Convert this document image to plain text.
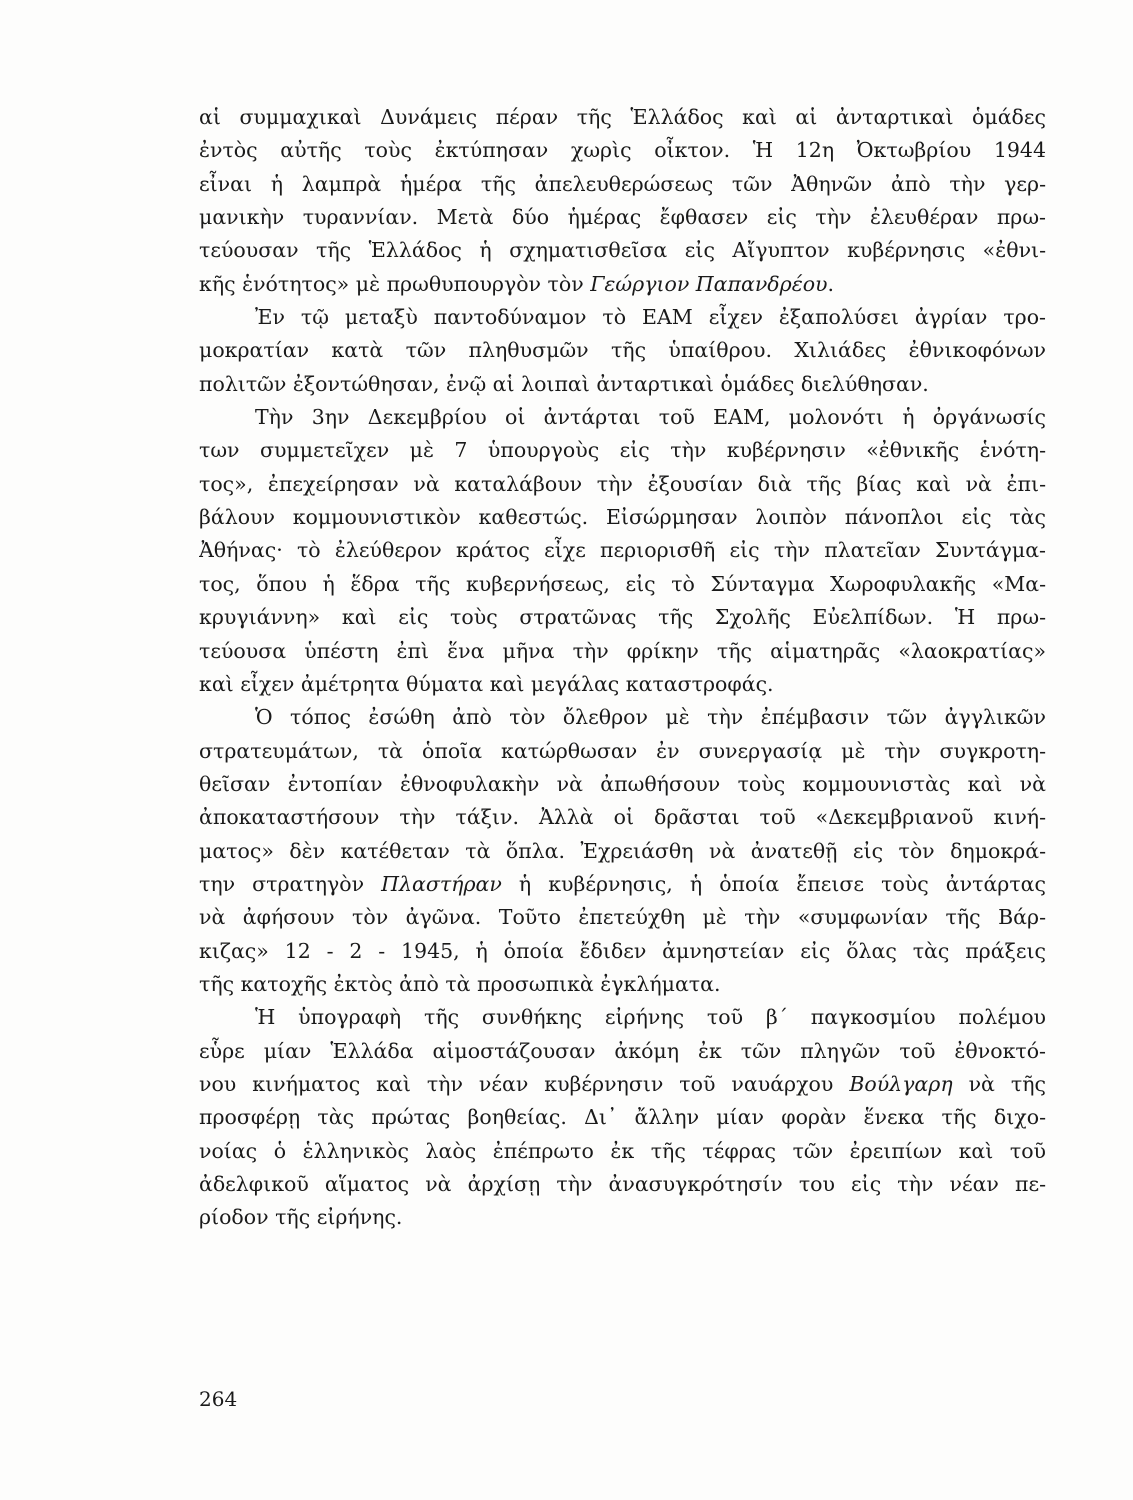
αἱ συμμαχικαὶ Δυνάμεις πέραν τῆς Ἑλλάδος καὶ αἱ ἀνταρτικαὶ ὁμάδες
ἐντὸς αὐτῆς τοὺς ἐκτύπησαν χωρὶς οἶκτον. Ἡ 12η Ὀκτωβρίου 1944
εἶναι ἡ λαμπρὰ ἡμέρα τῆς ἀπελευθερώσεως τῶν Ἀθηνῶν ἀπὸ τὴν γερ-
μανικὴν τυραννίαν. Μετὰ δύο ἡμέρας ἔφθασεν εἰς τὴν ἐλευθέραν πρω-
τεύουσαν τῆς Ἑλλάδος ἡ σχηματισθεῖσα εἰς Αἴγυπτον κυβέρνησις «ἐθνι-
κῆς ἑνότητος» μὲ πρωθυπουργὸν τὸν Γεώργιον Παπανδρέου.
Ἐν τῷ μεταξὺ παντοδύναμον τὸ ΕΑΜ εἶχεν ἐξαπολύσει ἀγρίαν τρο-
μοκρατίαν κατὰ τῶν πληθυσμῶν τῆς ὑπαίθρου. Χιλιάδες ἐθνικοφόνων
πολιτῶν ἐξοντώθησαν, ἐνῷ αἱ λοιπαὶ ἀνταρτικαὶ ὁμάδες διελύθησαν.
Τὴν 3ην Δεκεμβρίου οἱ ἀντάρται τοῦ ΕΑΜ, μολονότι ἡ ὀργάνωσίς
των συμμετεῖχεν μὲ 7 ὑπουργοὺς εἰς τὴν κυβέρνησιν «ἐθνικῆς ἑνότη-
τος», ἐπεχείρησαν νὰ καταλάβουν τὴν ἐξουσίαν διὰ τῆς βίας καὶ νὰ ἐπι-
βάλουν κομμουνιστικὸν καθεστώς. Εἰσώρμησαν λοιπὸν πάνοπλοι εἰς τὰς
Ἀθήνας· τὸ ἐλεύθερον κράτος εἶχε περιορισθῆ εἰς τὴν πλατεῖαν Συντάγμα-
τος, ὅπου ἡ ἕδρα τῆς κυβερνήσεως, εἰς τὸ Σύνταγμα Χωροφυλακῆς «Μα-
κρυγιάννη» καὶ εἰς τοὺς στρατῶνας τῆς Σχολῆς Εὐελπίδων. Ἡ πρω-
τεύουσα ὑπέστη ἐπὶ ἕνα μῆνα τὴν φρίκην τῆς αἱματηρᾶς «λαοκρατίας»
καὶ εἶχεν ἀμέτρητα θύματα καὶ μεγάλας καταστροφάς.
Ὁ τόπος ἐσώθη ἀπὸ τὸν ὄλεθρον μὲ τὴν ἐπέμβασιν τῶν ἀγγλικῶν
στρατευμάτων, τὰ ὁποῖα κατώρθωσαν ἐν συνεργασίᾳ μὲ τὴν συγκροτη-
θεῖσαν ἐντοπίαν ἐθνοφυλακὴν νὰ ἀπωθήσουν τοὺς κομμουνιστὰς καὶ νὰ
ἀποκαταστήσουν τὴν τάξιν. Ἀλλὰ οἱ δρᾶσται τοῦ «Δεκεμβριανοῦ κινή-
ματος» δὲν κατέθεταν τὰ ὅπλα. Ἐχρειάσθη νὰ ἀνατεθῇ εἰς τὸν δημοκρά-
την στρατηγὸν Πλαστήραν ἡ κυβέρνησις, ἡ ὁποία ἔπεισε τοὺς ἀντάρτας
νὰ ἀφήσουν τὸν ἀγῶνα. Τοῦτο ἐπετεύχθη μὲ τὴν «συμφωνίαν τῆς Βάρ-
κιζας» 12 - 2 - 1945, ἡ ὁποία ἔδιδεν ἀμνηστείαν εἰς ὅλας τὰς πράξεις
τῆς κατοχῆς ἐκτὸς ἀπὸ τὰ προσωπικὰ ἐγκλήματα.
Ἡ ὑπογραφὴ τῆς συνθήκης εἰρήνης τοῦ β΄ παγκοσμίου πολέμου
εὗρε μίαν Ἑλλάδα αἱμοστάζουσαν ἀκόμη ἐκ τῶν πληγῶν τοῦ ἐθνοκτό-
νου κινήματος καὶ τὴν νέαν κυβέρνησιν τοῦ ναυάρχου Βούλγαρη νὰ τῆς
προσφέρῃ τὰς πρώτας βοηθείας. Δι᾽ ἄλλην μίαν φορὰν ἕνεκα τῆς διχο-
νοίας ὁ ἑλληνικὸς λαὸς ἐπέπρωτο ἐκ τῆς τέφρας τῶν ἐρειπίων καὶ τοῦ
ἀδελφικοῦ αἵματος νὰ ἀρχίσῃ τὴν ἀνασυγκρότησίν του εἰς τὴν νέαν πε-
ρίοδον τῆς εἰρήνης.
264
